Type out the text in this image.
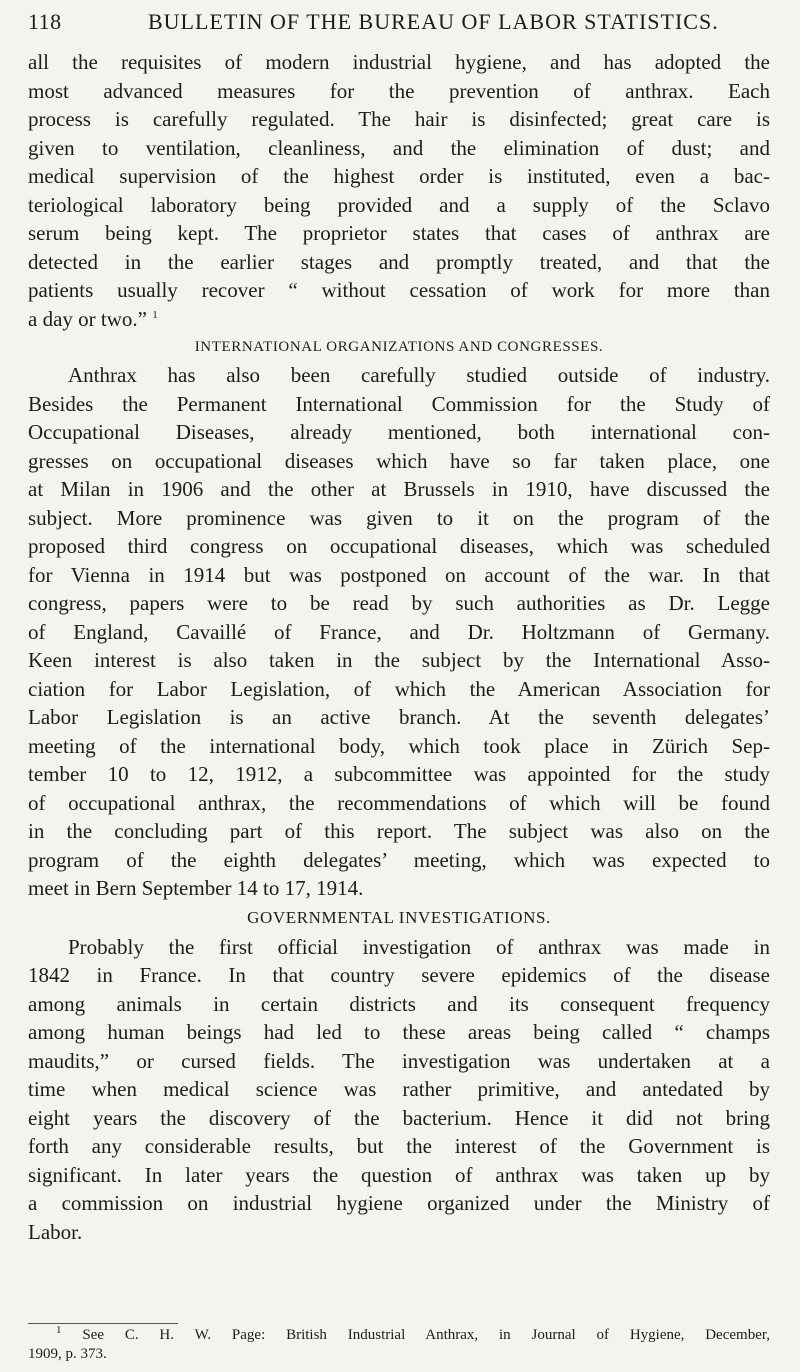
118	BULLETIN OF THE BUREAU OF LABOR STATISTICS.
all the requisites of modern industrial hygiene, and has adopted the
most advanced measures for the prevention of anthrax. Each
process is carefully regulated. The hair is disinfected; great care is
given to ventilation, cleanliness, and the elimination of dust; and
medical supervision of the highest order is instituted, even a bac-
teriological laboratory being provided and a supply of the Sclavo
serum being kept. The proprietor states that cases of anthrax are
detected in the earlier stages and promptly treated, and that the
patients usually recover “ without cessation of work for more than
a day or two.” $^1$
INTERNATIONAL ORGANIZATIONS AND CONGRESSES.
Anthrax has also been carefully studied outside of industry.
Besides the Permanent International Commission for the Study of
Occupational Diseases, already mentioned, both international con-
gresses on occupational diseases which have so far taken place, one
at Milan in 1906 and the other at Brussels in 1910, have discussed the
subject. More prominence was given to it on the program of the
proposed third congress on occupational diseases, which was scheduled
for Vienna in 1914 but was postponed on account of the war. In that
congress, papers were to be read by such authorities as Dr. Legge
of England, Cavaillé of France, and Dr. Holtzmann of Germany.
Keen interest is also taken in the subject by the International Asso-
ciation for Labor Legislation, of which the American Association for
Labor Legislation is an active branch. At the seventh delegates’
meeting of the international body, which took place in Zürich Sep-
tember 10 to 12, 1912, a subcommittee was appointed for the study
of occupational anthrax, the recommendations of which will be found
in the concluding part of this report. The subject was also on the
program of the eighth delegates’ meeting, which was expected to
meet in Bern September 14 to 17, 1914.
GOVERNMENTAL INVESTIGATIONS.
Probably the first official investigation of anthrax was made in
1842 in France. In that country severe epidemics of the disease
among animals in certain districts and its consequent frequency
among human beings had led to these areas being called “ champs
maudits,” or cursed fields. The investigation was undertaken at a
time when medical science was rather primitive, and antedated by
eight years the discovery of the bacterium. Hence it did not bring
forth any considerable results, but the interest of the Government is
significant. In later years the question of anthrax was taken up by
a commission on industrial hygiene organized under the Ministry of
Labor.
$^1$ See C. H. W. Page: British Industrial Anthrax, in Journal of Hygiene, December,
1909, p. 373.
